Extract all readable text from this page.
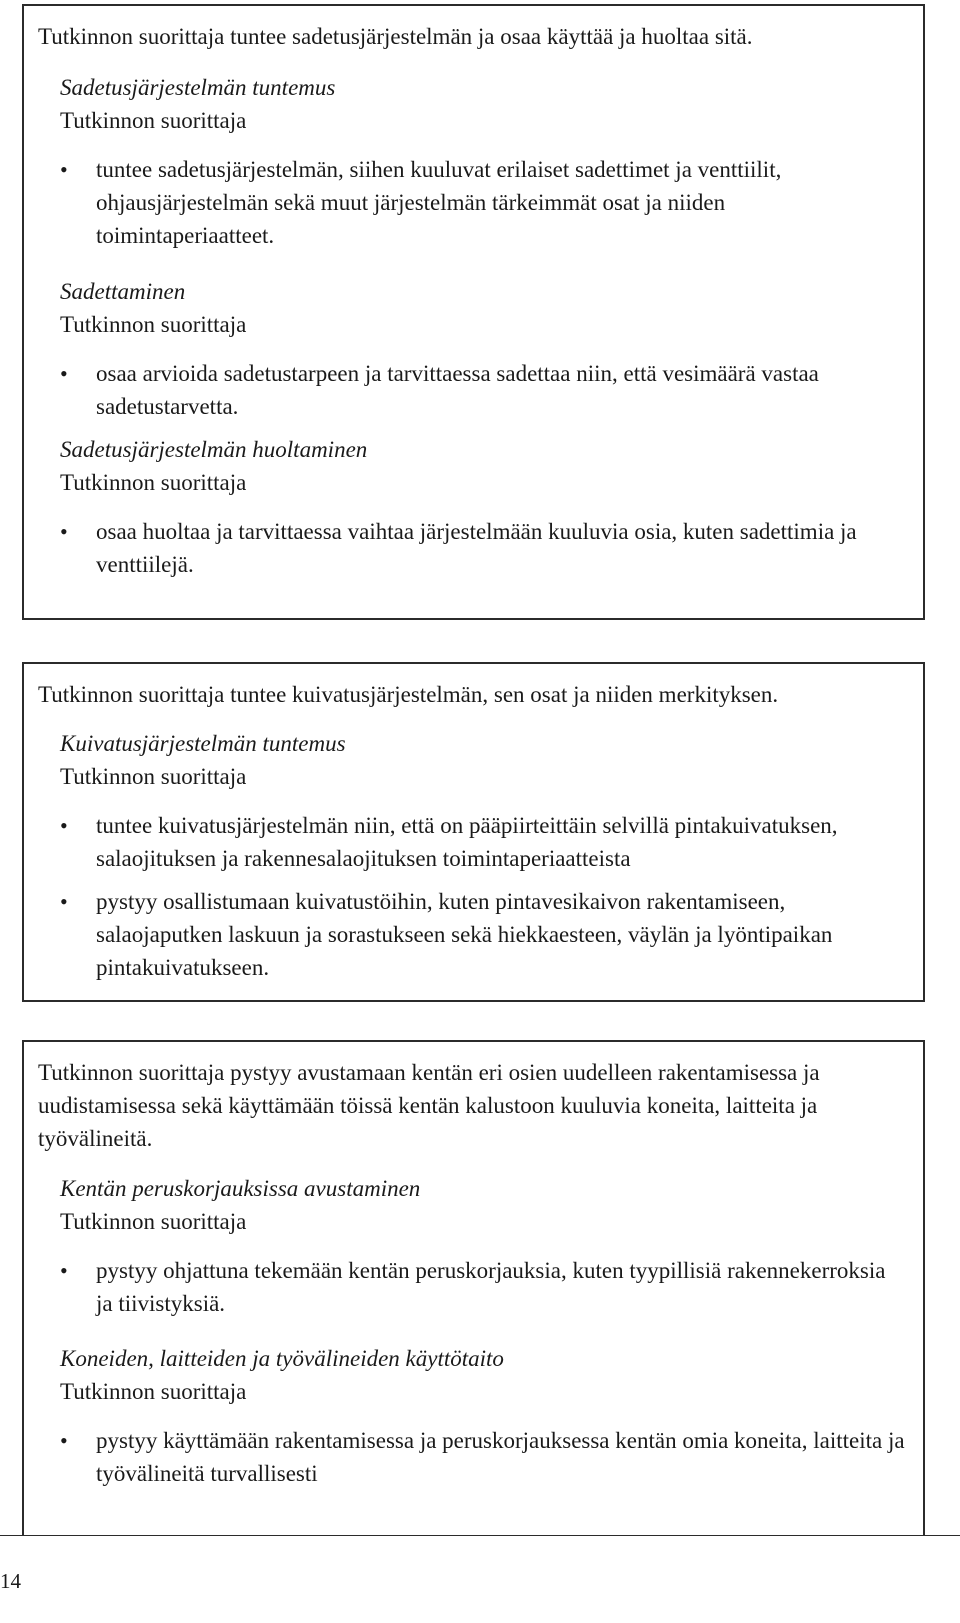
Tutkinnon suorittaja tuntee sadetusjärjestelmän ja osaa käyttää ja huoltaa sitä.

Sadetusjärjestelmän tuntemus

Tutkinnon suorittaja

• tuntee sadetusjärjestelmän, siihen kuuluvat erilaiset sadettimet ja venttiilit, ohjausjärjestelmän sekä muut järjestelmän tärkeimmät osat ja niiden toimintaperiaatteet.

Sadettaminen

Tutkinnon suorittaja

• osaa arvioida sadetustarpeen ja tarvittaessa sadettaa niin, että vesimäärä vastaa sadetustarvetta.

Sadetusjärjestelmän huoltaminen

Tutkinnon suorittaja

• osaa huoltaa ja tarvittaessa vaihtaa järjestelmään kuuluvia osia, kuten sadettimia ja venttiilejä.

Tutkinnon suorittaja tuntee kuivatusjärjestelmän, sen osat ja niiden merkityksen.

Kuivatusjärjestelmän tuntemus

Tutkinnon suorittaja

• tuntee kuivatusjärjestelmän niin, että on pääpiirteittäin selvillä pintakuivatuksen, salaojituksen ja rakennesalaojituksen toimintaperiaatteista
• pystyy osallistumaan kuivatustöihin, kuten pintavesikaivon rakentamiseen, salaojaputken laskuun ja sorastukseen sekä hiekkaesteen, väylän ja lyöntipaikan pintakuivatukseen.

Tutkinnon suorittaja pystyy avustamaan kentän eri osien uudelleen rakentamisessa ja uudistamisessa sekä käyttämään töissä kentän kalustoon kuuluvia koneita, laitteita ja työvälineitä.

Kentän peruskorjauksissa avustaminen

Tutkinnon suorittaja

• pystyy ohjattuna tekemään kentän peruskorjauksia, kuten tyypillisiä rakennekerroksia ja tiivistyksiä.

Koneiden, laitteiden ja työvälineiden käyttötaito

Tutkinnon suorittaja

• pystyy käyttämään rakentamisessa ja peruskorjauksessa kentän omia koneita, laitteita ja työvälineitä turvallisesti
14
